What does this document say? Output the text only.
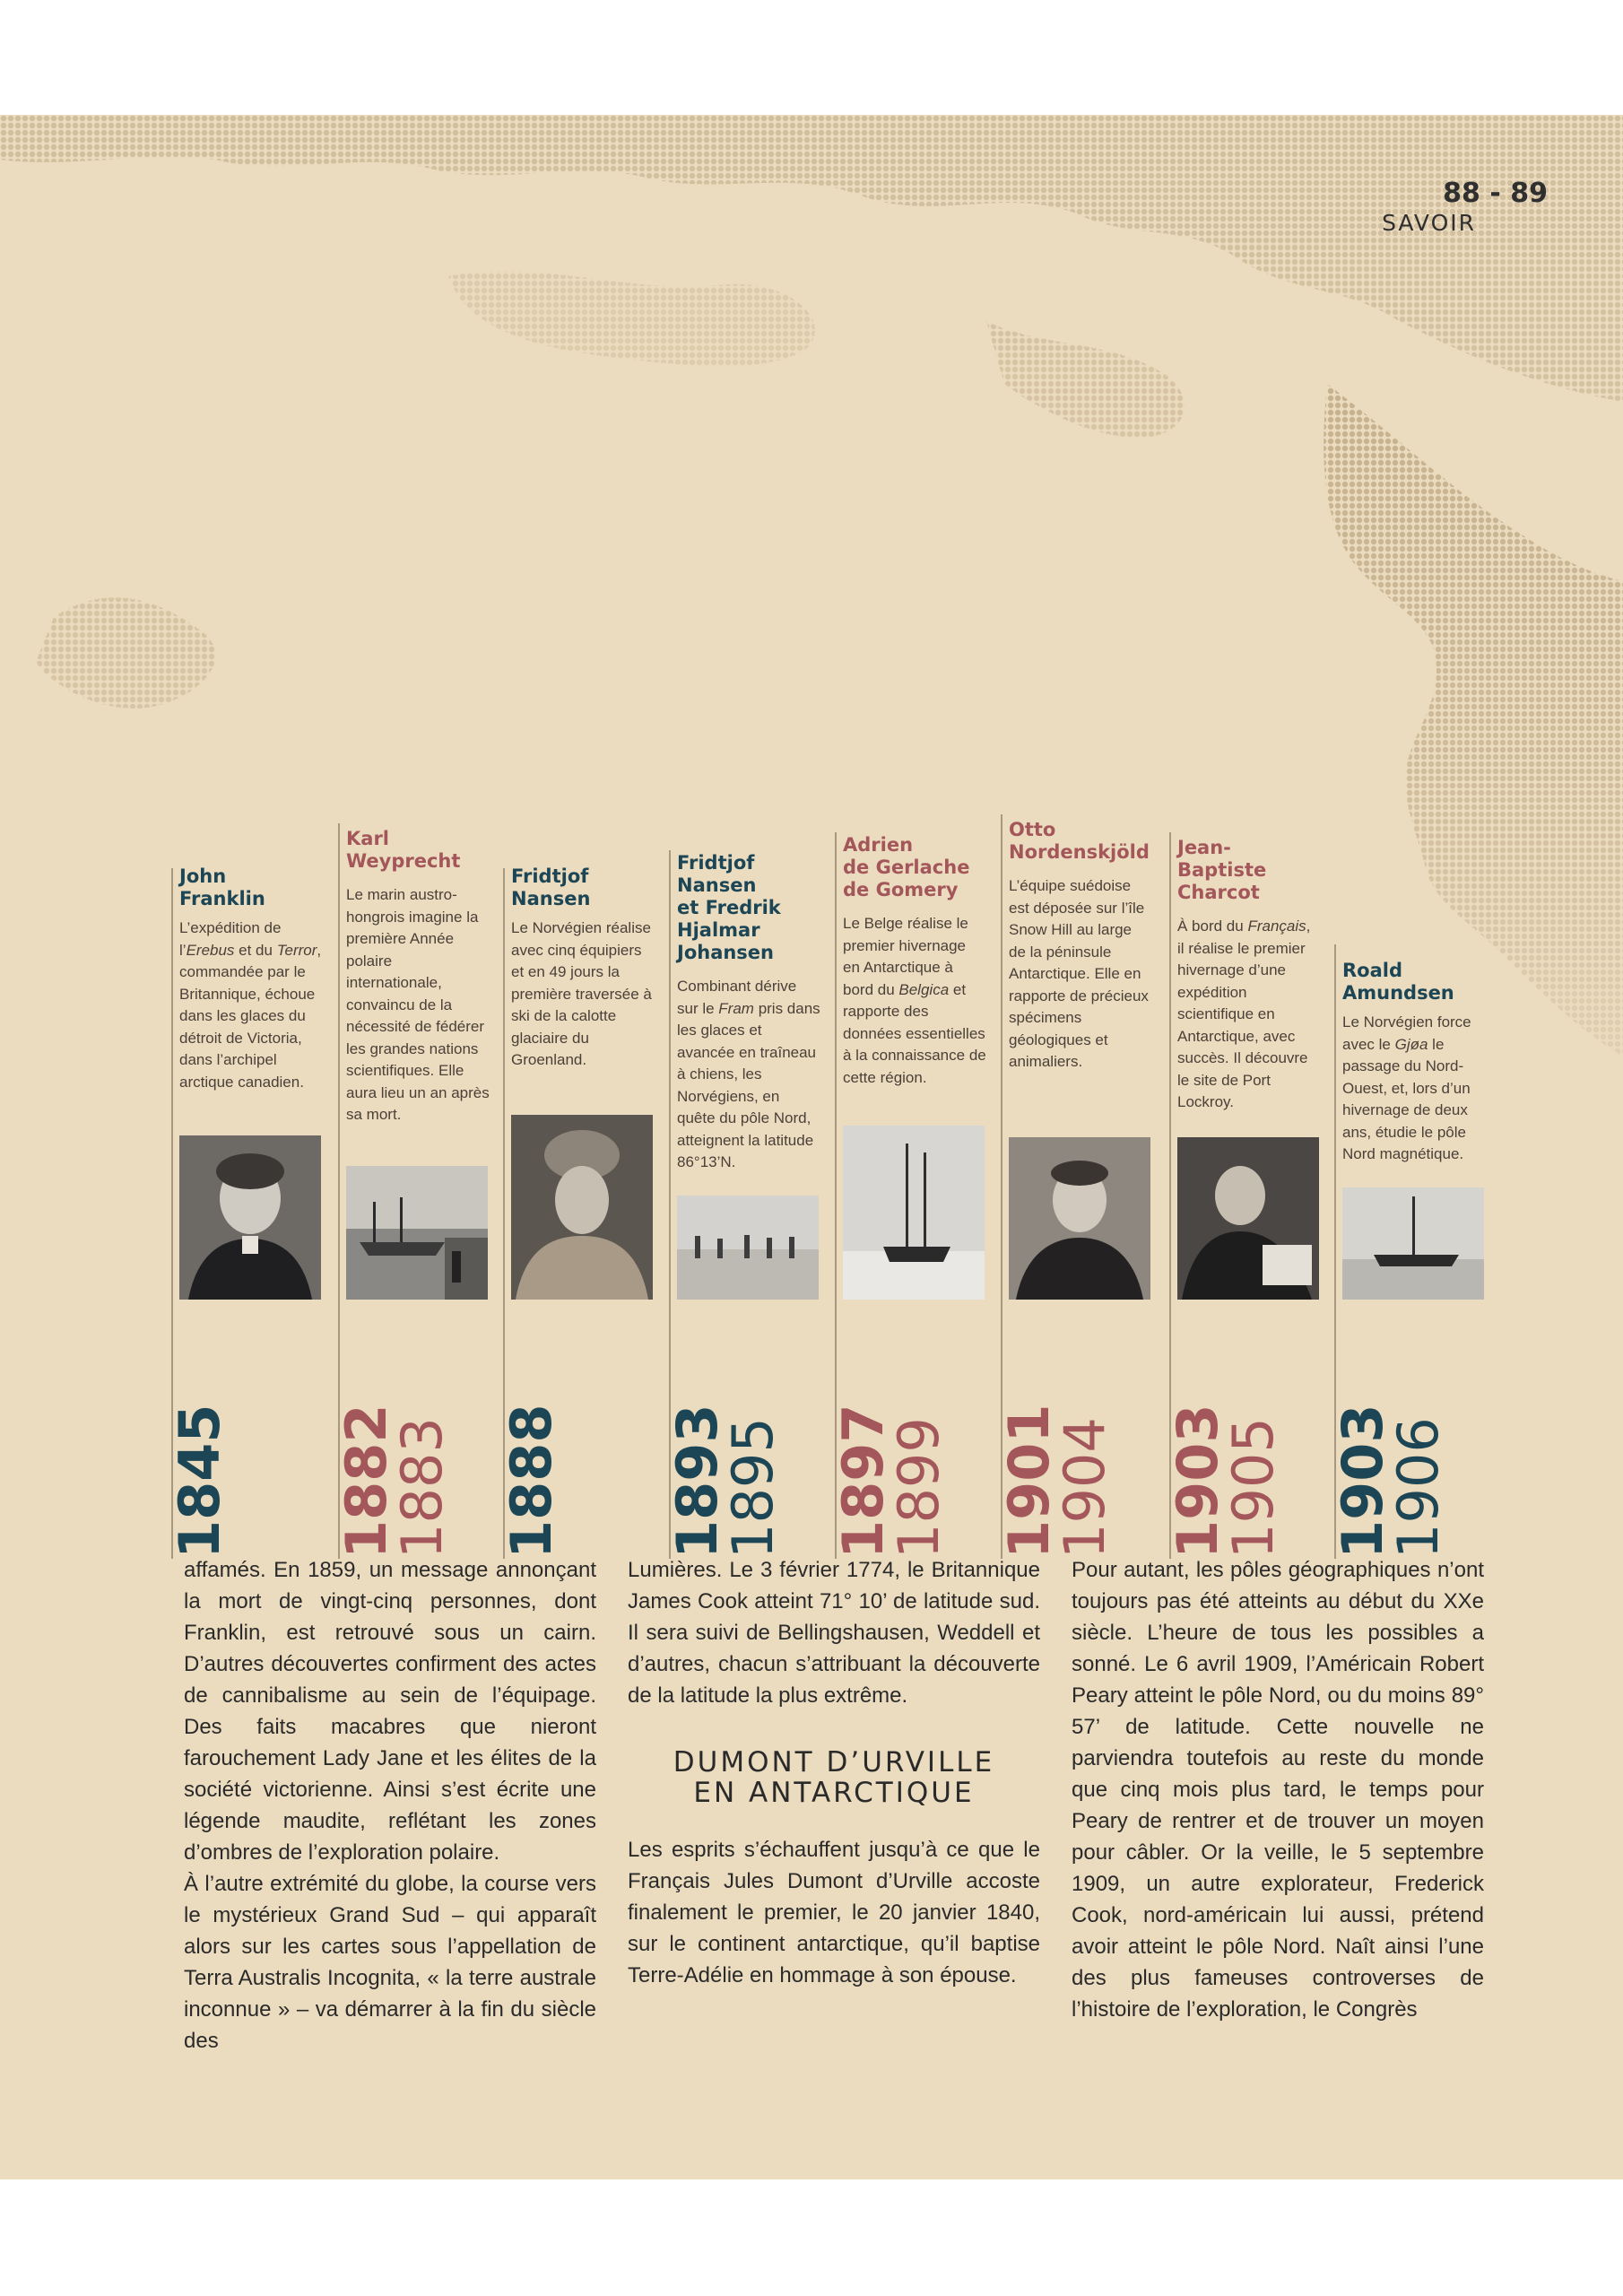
88 - 89
SAVOIR
John
Franklin
L’expédition de l’Erebus et du Terror, commandée par le Britannique, échoue dans les glaces du détroit de Victoria, dans l’archipel arctique canadien.
Karl
Weyprecht
Le marin austro-hongrois imagine la première Année polaire internationale, convaincu de la nécessité de fédérer les grandes nations scientifiques. Elle aura lieu un an après sa mort.
Fridtjof
Nansen
Le Norvégien réalise avec cinq équipiers et en 49 jours la première traversée à ski de la calotte glaciaire du Groenland.
Fridtjof
Nansen
et Fredrik
Hjalmar
Johansen
Combinant dérive sur le Fram pris dans les glaces et avancée en traîneau à chiens, les Norvégiens, en quête du pôle Nord, atteignent la latitude 86°13’N.
Adrien
de Gerlache
de Gomery
Le Belge réalise le premier hivernage en Antarctique à bord du Belgica et rapporte des données essentielles à la connaissance de cette région.
Otto
Nordenskjöld
L’équipe suédoise est déposée sur l’île Snow Hill au large de la péninsule Antarctique. Elle en rapporte de précieux spécimens géologiques et animaliers.
Jean-
Baptiste
Charcot
À bord du Français, il réalise le premier hivernage d’une expédition scientifique en Antarctique, avec succès. Il découvre le site de Port Lockroy.
Roald
Amundsen
Le Norvégien force avec le Gjøa le passage du Nord-Ouest, et, lors d’un hivernage de deux ans, étudie le pôle Nord magnétique.
1845 1882
1883 1888 1893
1895 1897
1899 1901
1904 1903
1905 1903
1906

affamés. En 1859, un message annonçant la mort de vingt-cinq personnes, dont Franklin, est retrouvé sous un cairn. D’autres découvertes confirment des actes de cannibalisme au sein de l’équipage. Des faits macabres que nieront farouchement Lady Jane et les élites de la société victorienne. Ainsi s’est écrite une légende maudite, reflétant les zones d’ombres de l’exploration polaire.

À l’autre extrémité du globe, la course vers le mystérieux Grand Sud – qui apparaît alors sur les cartes sous l’appellation de Terra Australis Incognita, « la terre australe inconnue » – va démarrer à la fin du siècle des

Lumières. Le 3 février 1774, le Britannique James Cook atteint 71° 10’ de latitude sud. Il sera suivi de Bellingshausen, Weddell et d’autres, chacun s’attribuant la découverte de la latitude la plus extrême.

DUMONT D’URVILLE
EN ANTARCTIQUE

Les esprits s’échauffent jusqu’à ce que le Français Jules Dumont d’Urville accoste finalement le premier, le 20 janvier 1840, sur le continent antarctique, qu’il baptise Terre-Adélie en hommage à son épouse.

Pour autant, les pôles géographiques n’ont toujours pas été atteints au début du XXe siècle. L’heure de tous les possibles a sonné. Le 6 avril 1909, l’Américain Robert Peary atteint le pôle Nord, ou du moins 89° 57’ de latitude. Cette nouvelle ne parviendra toutefois au reste du monde que cinq mois plus tard, le temps pour Peary de rentrer et de trouver un moyen pour câbler. Or la veille, le 5 septembre 1909, un autre explorateur, Frederick Cook, nord-américain lui aussi, prétend avoir atteint le pôle Nord. Naît ainsi l’une des plus fameuses controverses de l’histoire de l’exploration, le Congrès
